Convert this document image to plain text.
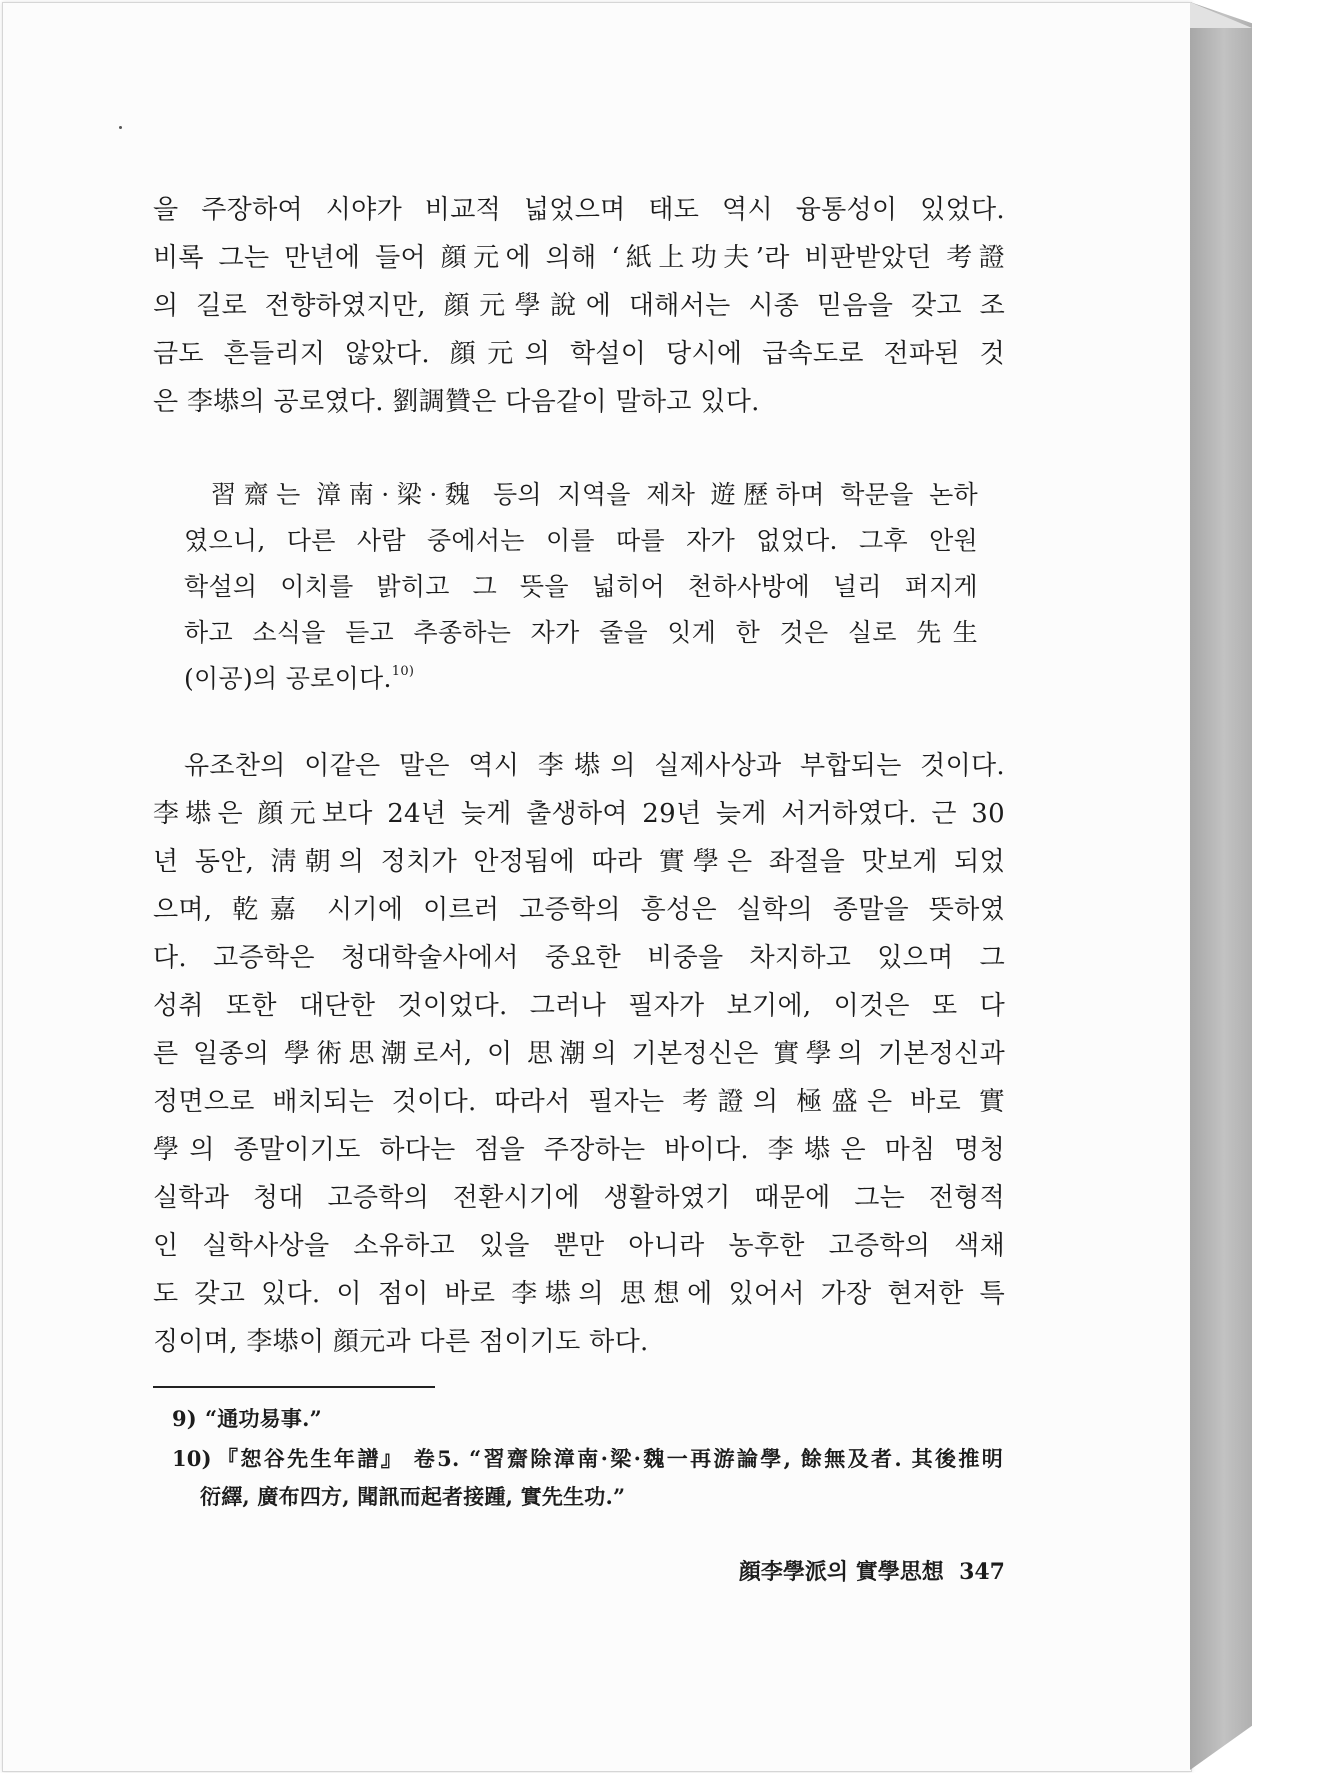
을 주장하여 시야가 비교적 넓었으며 태도 역시 융통성이 있었다.
비록 그는 만년에 들어 顔元에 의해 ‘紙上功夫’라 비판받았던 考證
의 길로 전향하였지만, 顔元學說에 대해서는 시종 믿음을 갖고 조
금도 흔들리지 않았다. 顔元의 학설이 당시에 급속도로 전파된 것
은 李塨의 공로였다. 劉調贊은 다음같이 말하고 있다.
習齋는 漳南·梁·魏 등의 지역을 제차 遊歷하며 학문을 논하
였으니, 다른 사람 중에서는 이를 따를 자가 없었다. 그후 안원
학설의 이치를 밝히고 그 뜻을 넓히어 천하사방에 널리 퍼지게
하고 소식을 듣고 추종하는 자가 줄을 잇게 한 것은 실로 先生
(이공)의 공로이다.$^{10)}$
유조찬의 이같은 말은 역시 李塨의 실제사상과 부합되는 것이다.
李塨은 顔元보다 24년 늦게 출생하여 29년 늦게 서거하였다. 근 30
년 동안, 淸朝의 정치가 안정됨에 따라 實學은 좌절을 맛보게 되었
으며, 乾嘉 시기에 이르러 고증학의 흥성은 실학의 종말을 뜻하였
다. 고증학은 청대학술사에서 중요한 비중을 차지하고 있으며 그
성취 또한 대단한 것이었다. 그러나 필자가 보기에, 이것은 또 다
른 일종의 學術思潮로서, 이 思潮의 기본정신은 實學의 기본정신과
정면으로 배치되는 것이다. 따라서 필자는 考證의 極盛은 바로 實
學의 종말이기도 하다는 점을 주장하는 바이다. 李塨은 마침 명청
실학과 청대 고증학의 전환시기에 생활하였기 때문에 그는 전형적
인 실학사상을 소유하고 있을 뿐만 아니라 농후한 고증학의 색채
도 갖고 있다. 이 점이 바로 李塨의 思想에 있어서 가장 현저한 특
징이며, 李塨이 顔元과 다른 점이기도 하다.
9) “通功易事.”
10) 『恕谷先生年譜』 卷5. “習齋除漳南·梁·魏一再游論學, 餘無及者. 其後推明
衍繹, 廣布四方, 聞訊而起者接踵, 實先生功.”
顔李學派의 實學思想 347
